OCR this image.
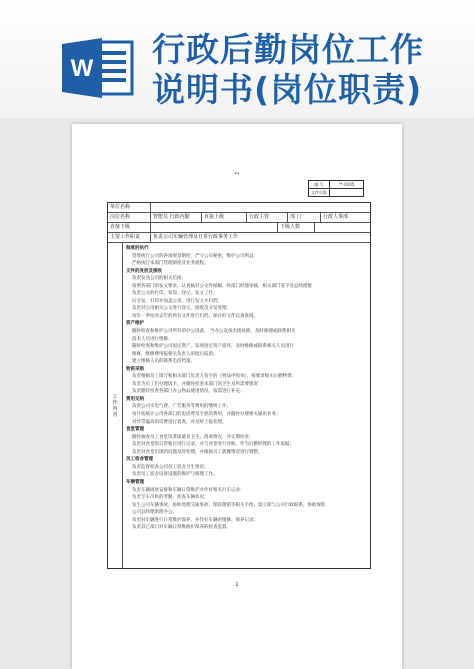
W 行政后勤岗位工作
说明书(岗位职责)
**
编 号	**-0105
文件页数
单位名称
岗位名称	智能员 行政内勤	直接上级	行政主管	部 门	行政人事部
直接下级	下级人数
主要工作职责	负责公司车辆管理及日常行政事务工作
工
作
内
容
制度的执行
贯彻执行公司的各项规章制度，严守公司秘密，维护公司利益；
严格执行本部门管理制度及业务流程。
文件的发放及接收
负责发送公司的相关信函；
按照各部门的发文要求，认真核对公文件纸稿，经部门经理审核，相关部门签字及总经理批
负责公文的打印、复印、登记、发文工作；
后分发，打印并加盖公章，进行发文并归档；
负责对公司相关公文进行登记、接收及分发处理；
每年一季度对去年的所有文件进行归档，保存好文件以备查阅。
资产维护
随时检查和维护公司所有的办公设备， 当办公设备出现故障，及时修理或联系相关
技术人员进行维修；
随时检查和维护公司固定资产，发现固定资产损坏，及时维修或联系相关人员进行
维修，维修费用报相关负责人审批后报销；
建立维修人员的联系电话档案。
物资采购
负责根据员工填写和相关部门负责人签字的《物品申购单》，按要求购买后勤物资；
负责为员工们办理饭卡，并随时检查本部门的卫生及所需要情况
负责随时检查各部门办公物品使用情况，按需进行补充；
费用交纳
负责公司水电气费、广告服务等费用的缴纳工作；
每月底统计公司各部门的电话费及手机的费用，并随时办理相关通讯业务；
对异常偏高的话费进行追查，并及时上报处理。
食堂管理
随时抽查员工食堂饭菜质量及卫生、消毒情况，并定期检查；
负责对食堂的日常账目进行记录，并与食堂进行对账，作为后勤经理的工作依据；
负责对食堂出现的问题及时处理，并根据员工就餐情况进行调整。
员工宿舍管理
负责监督检查公司员工宿舍卫生情况；
负责员工宿舍设备设施的维护与修理工作。
车辆管理
负责车辆调度安排和车辆日常维护并作好相关行车记录；
负责专车司机的考勤，检查车辆状况；
发生公司车辆事故，协助处理交通事故、保险理赔等相关手续，需立即与公司行政联系，协助保险
公司总经理助理办公；
负责对车辆进行日常维护保养，并作好车辆的维修、保养记录；
负责其它部门对车辆日常维修护保养的检查监督。
1
